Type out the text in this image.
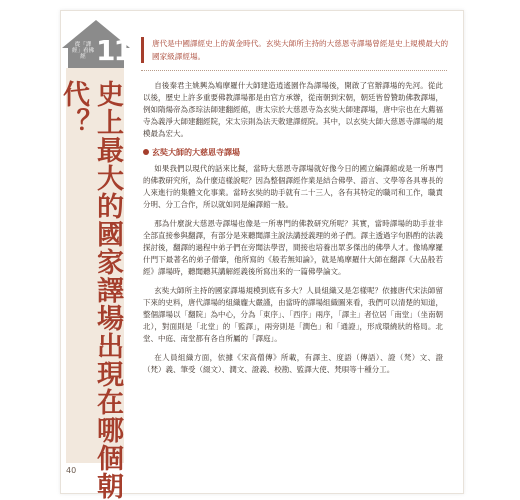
從「譯經」看佛經 11
史上最大的國家譯場出現在哪個朝代？
唐代是中國譯經史上的黃金時代。玄奘大師所主持的大慈恩寺譯場曾經是史上規模最大的國家級譯經場。

自後秦君主姚興為鳩摩羅什大師建造逍遙園作為譯場後，開啟了官辦譯場的先河。從此以後，歷史上許多重要佛教譯場都是由官方承辦，從南朝到宋朝，朝廷皆曾贊助佛教譯場，例如隋煬帝為彥琮法師建翻經館，唐太宗於大慈恩寺為玄奘大師建譯場，唐中宗也在大薦福寺為義淨大師建翻經院，宋太宗則為法天敕建譯經院。其中，以玄奘大師大慈恩寺譯場的規模最為宏大。

玄奘大師的大慈恩寺譯場

如果我們以現代的話來比擬，當時大慈恩寺譯場就好像今日的國立編譯館或是一所專門的佛教研究所，為什麼這樣說呢？因為整個譯經作業是結合佛學、語言、文學等各具專長的人來進行的集體文化事業。當時玄奘的助手就有二十三人，各有其特定的職司和工作，職責分明、分工合作，所以就如同是編譯館一般。

那為什麼說大慈恩寺譯場也像是一所專門的佛教研究所呢？其實，當時譯場的助手並非全部直接參與翻譯，有部分是來聽聞譯主說法講授義理的弟子們。譯主透過字句斟酌的法義探討後，翻譯的過程中弟子們在旁聞法學習，間接也培養出眾多傑出的佛學人才。像鳩摩羅什門下最著名的弟子僧肇，他所寫的《般若無知論》，就是鳩摩羅什大師在翻譯《大品般若經》譯場時，聽聞聽其講解經義後所寫出來的一篇佛學論文。

玄奘大師所主持的國家譯場規模到底有多大？人員組織又是怎樣呢？依據唐代宋法師留下來的史料，唐代譯場的組織龐大嚴謹，由當時的譯場組織圖來看，我們可以清楚的知道，整個譯場以「翻院」為中心，分為「東序」、「西序」兩序，「譯主」者位居「南堂」（坐南朝北），對面則是「北堂」的「監譯」，兩旁則是「潤色」和「通證」，形成環繞狀的格局。北堂、中庭、南堂都有各自所屬的「譯庭」。

在人員組織方面，依據《宋高僧傳》所載，有譯主、度語（傳語）、證（梵）文、證（梵）義、筆受（綴文）、潤文、證義、校勘、監譯大使、梵唄等十種分工。

40
